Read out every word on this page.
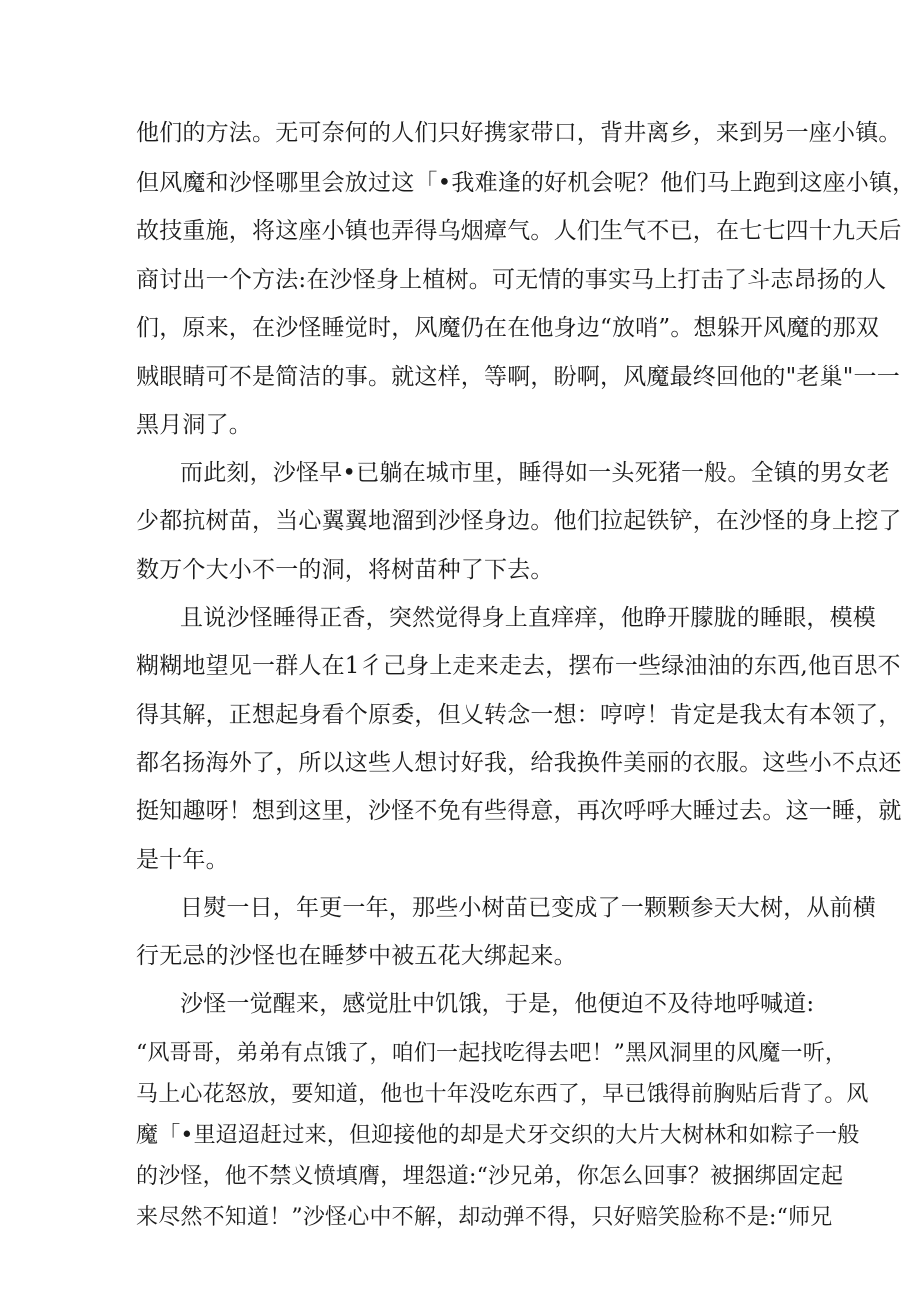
他们的方法。无可奈何的人们只好携家带口，背井离乡，来到另一座小镇。
但风魔和沙怪哪里会放过这「•我难逢的好机会呢？他们马上跑到这座小镇，
故技重施，将这座小镇也弄得乌烟瘴气。人们生气不已，在七七四十九天后
商讨出一个方法:在沙怪身上植树。可无情的事实马上打击了斗志昂扬的人
们，原来，在沙怪睡觉时，风魔仍在在他身边“放哨”。想躲开风魔的那双
贼眼睛可不是简洁的事。就这样，等啊，盼啊，风魔最终回他的"老巢"一一
黑月洞了。
而此刻，沙怪早•已躺在城市里，睡得如一头死猪一般。全镇的男女老
少都抗树苗，当心翼翼地溜到沙怪身边。他们拉起铁铲，在沙怪的身上挖了
数万个大小不一的洞，将树苗种了下去。
且说沙怪睡得正香，突然觉得身上直痒痒，他睁开朦胧的睡眼，模模
糊糊地望见一群人在1彳己身上走来走去，摆布一些绿油油的东西,他百思不
得其解，正想起身看个原委，但乂转念一想：哼哼！肯定是我太有本领了，
都名扬海外了，所以这些人想讨好我，给我换件美丽的衣服。这些小不点还
挺知趣呀！想到这里，沙怪不免有些得意，再次呼呼大睡过去。这一睡，就
是十年。
日熨一日，年更一年，那些小树苗已变成了一颗颗参天大树，从前横
行无忌的沙怪也在睡梦中被五花大绑起来。
沙怪一觉醒来，感觉肚中饥饿，于是，他便迫不及待地呼喊道:
“风哥哥，弟弟有点饿了，咱们一起找吃得去吧！”黑风洞里的风魔一听，
马上心花怒放，要知道，他也十年没吃东西了，早已饿得前胸贴后背了。风
魔「•里迢迢赶过来，但迎接他的却是犬牙交织的大片大树林和如粽子一般
的沙怪，他不禁义愤填膺，埋怨道:“沙兄弟，你怎么回事？被捆绑固定起
来尽然不知道！”沙怪心中不解，却动弹不得，只好赔笑脸称不是:“师兄
